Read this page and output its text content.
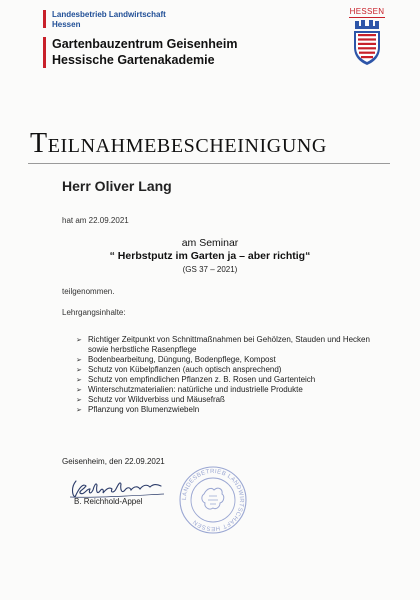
Landesbetrieb Landwirtschaft
Hessen
Gartenbauzentrum Geisenheim
Hessische Gartenakademie
HESSEN
Teilnahmebescheinigung
Herr Oliver Lang
hat am 22.09.2021
am Seminar
“ Herbstputz im Garten ja – aber richtig“
(GS 37 – 2021)
teilgenommen.
Lehrgangsinhalte:
➢ Richtiger Zeitpunkt von Schnittmaßnahmen bei Gehölzen, Stauden und Hecken sowie herbstliche Rasenpflege
➢ Bodenbearbeitung, Düngung, Bodenpflege, Kompost
➢ Schutz von Kübelpflanzen (auch optisch ansprechend)
➢ Schutz von empfindlichen Pflanzen z. B. Rosen und Gartenteich
➢ Winterschutzmaterialien: natürliche und industrielle Produkte
➢ Schutz vor Wildverbiss und Mäusefraß
➢ Pflanzung von Blumenzwiebeln
Geisenheim, den 22.09.2021
B. Reichhold-Appel	LANDESBETRIEB LANDWIRTSCHAFT HESSEN
